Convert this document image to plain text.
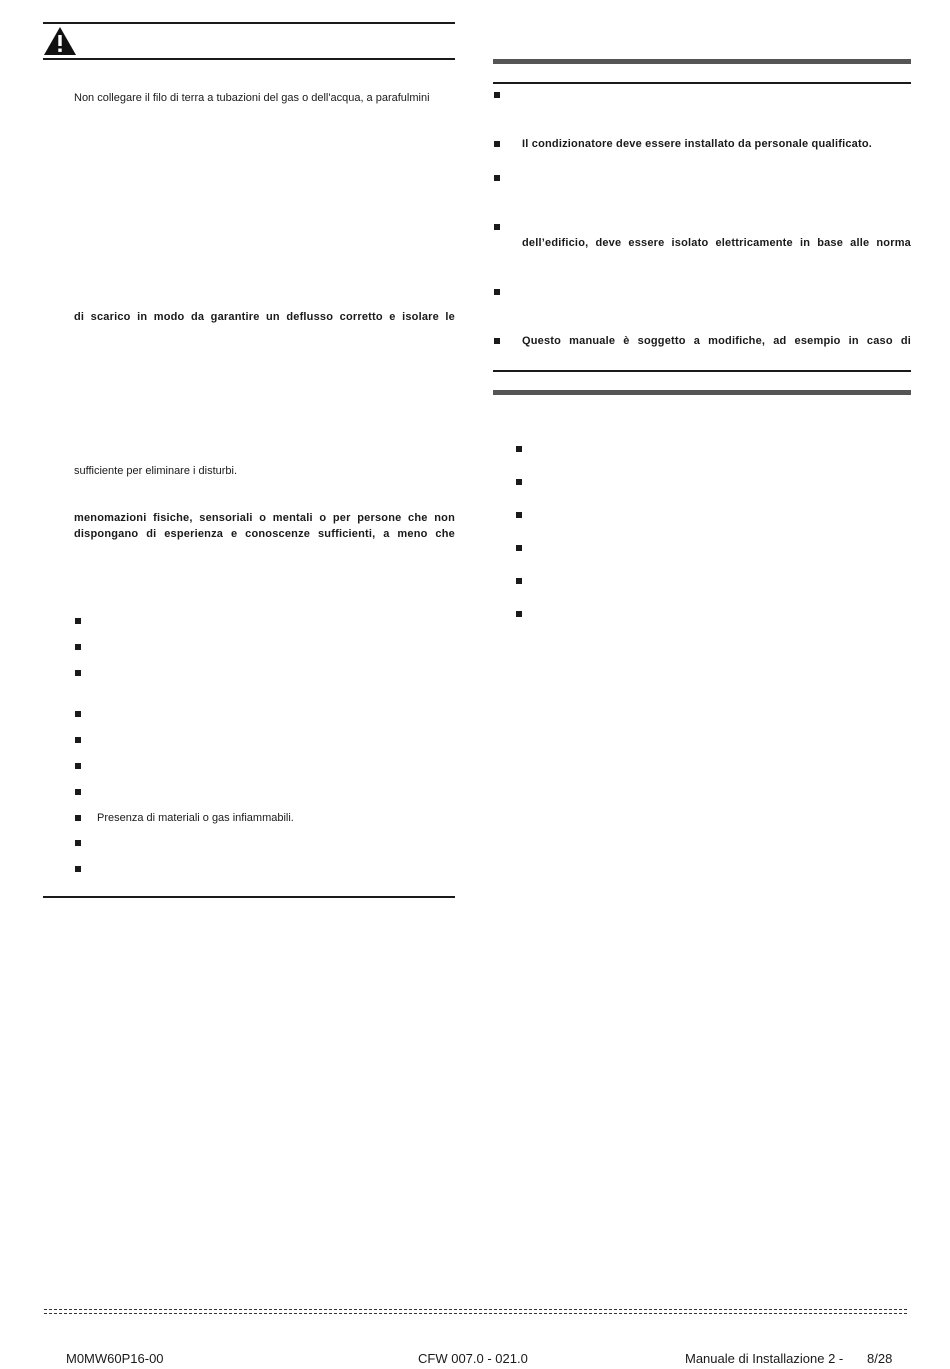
Non collegare il filo di terra a tubazioni del gas o dell'acqua, a parafulmini
di scarico in modo da garantire un deflusso corretto e isolare le
sufficiente per eliminare i disturbi.
menomazioni fisiche, sensoriali o mentali o per persone che non
dispongano di esperienza e conoscenze sufficienti, a meno che
Presenza di materiali o gas infiammabili.
Il condizionatore deve essere installato da personale qualificato.
dell’edificio, deve essere isolato elettricamente in base alle norma
Questo manuale è soggetto a modifiche, ad esempio in caso di
M0MW60P16-00	CFW 007.0 - 021.0	Manuale di Installazione 2 - 8/28
